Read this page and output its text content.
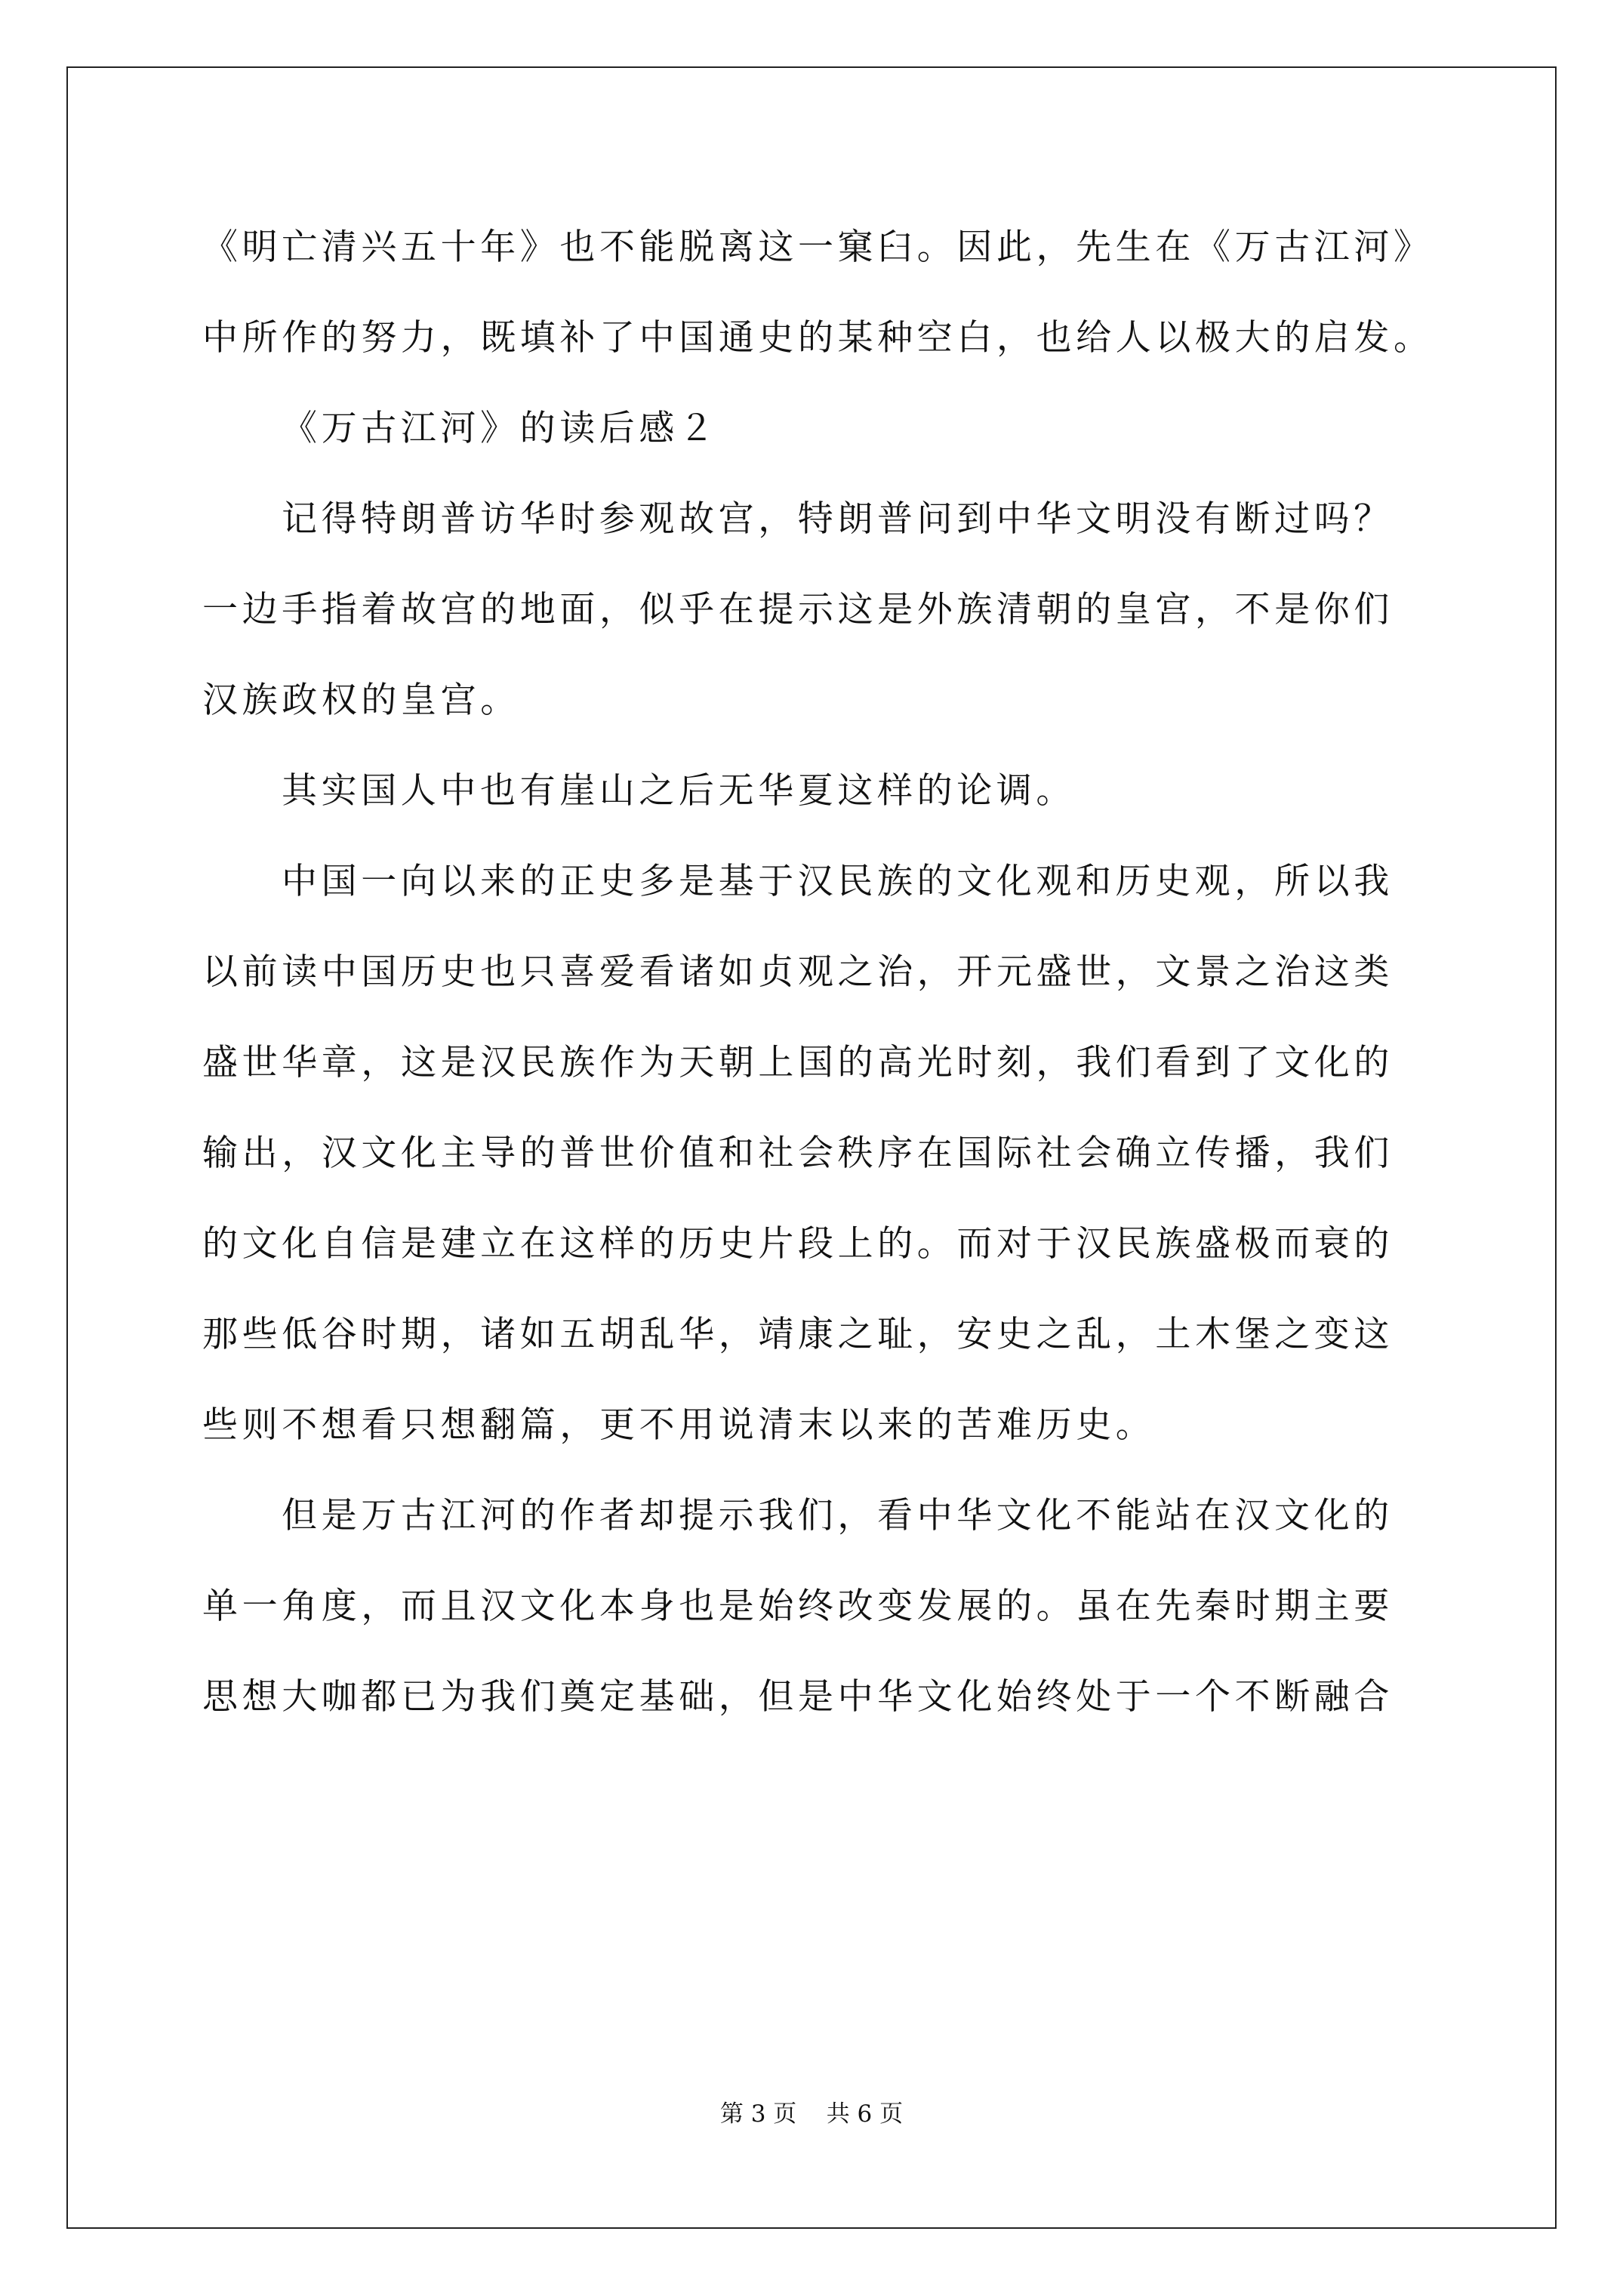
《明亡清兴五十年》也不能脱离这一窠臼。因此，先生在《万古江河》
中所作的努力，既填补了中国通史的某种空白，也给人以极大的启发。
《万古江河》的读后感２
记得特朗普访华时参观故宫，特朗普问到中华文明没有断过吗？
一边手指着故宫的地面，似乎在提示这是外族清朝的皇宫，不是你们
汉族政权的皇宫。
其实国人中也有崖山之后无华夏这样的论调。
中国一向以来的正史多是基于汉民族的文化观和历史观，所以我
以前读中国历史也只喜爱看诸如贞观之治，开元盛世，文景之治这类
盛世华章，这是汉民族作为天朝上国的高光时刻，我们看到了文化的
输出，汉文化主导的普世价值和社会秩序在国际社会确立传播，我们
的文化自信是建立在这样的历史片段上的。而对于汉民族盛极而衰的
那些低谷时期，诸如五胡乱华，靖康之耻，安史之乱，土木堡之变这
些则不想看只想翻篇，更不用说清末以来的苦难历史。
但是万古江河的作者却提示我们，看中华文化不能站在汉文化的
单一角度，而且汉文化本身也是始终改变发展的。虽在先秦时期主要
思想大咖都已为我们奠定基础，但是中华文化始终处于一个不断融合
第 3 页    共 6 页
